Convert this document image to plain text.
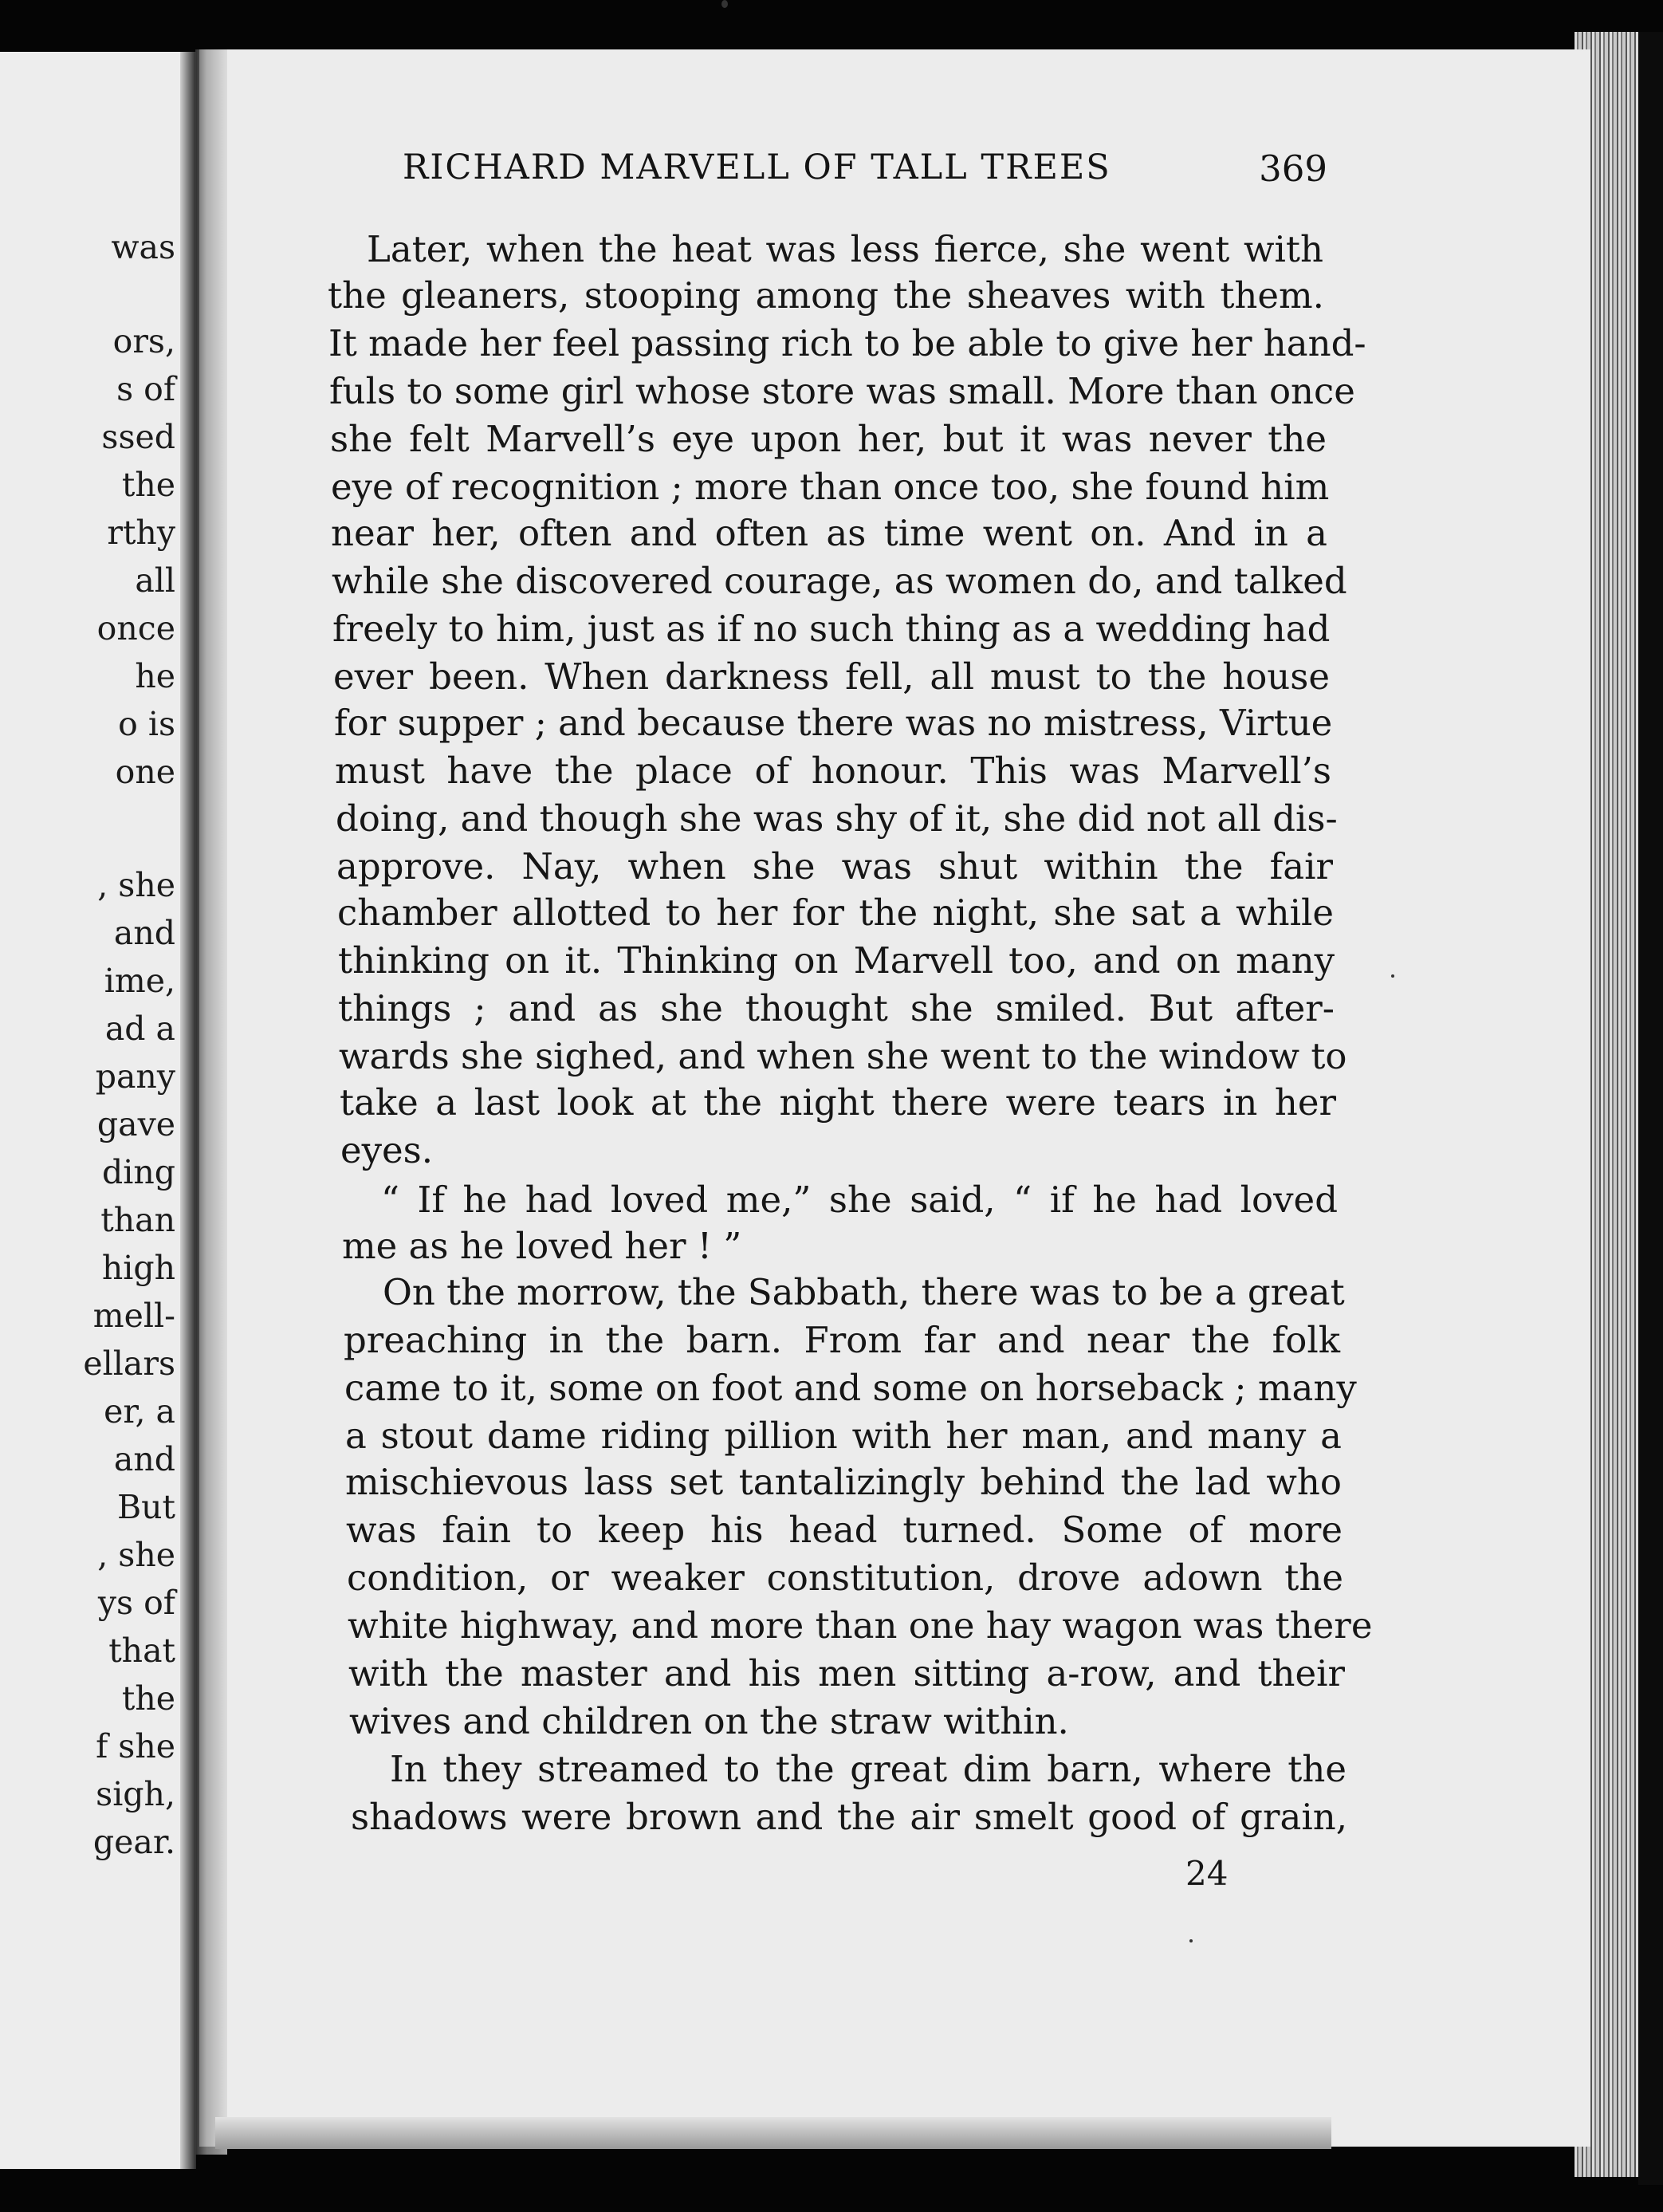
was
ors,
s of
ssed
the
rthy
all
once
he
o is
one
, she
and
ime,
ad a
pany
gave
ding
than
high
mell-
ellars
er, a
and
But
, she
ys of
that
the
f she
sigh,
gear.
RICHARD MARVELL OF TALL TREES	369
Later, when the heat was less fierce, she went with
the gleaners, stooping among the sheaves with them.
It made her feel passing rich to be able to give her hand-
fuls to some girl whose store was small. More than once
she felt Marvell’s eye upon her, but it was never the
eye of recognition ; more than once too, she found him
near her, often and often as time went on. And in a
while she discovered courage, as women do, and talked
freely to him, just as if no such thing as a wedding had
ever been. When darkness fell, all must to the house
for supper ; and because there was no mistress, Virtue
must have the place of honour. This was Marvell’s
doing, and though she was shy of it, she did not all dis-
approve. Nay, when she was shut within the fair
chamber allotted to her for the night, she sat a while
thinking on it. Thinking on Marvell too, and on many
things ; and as she thought she smiled. But after-
wards she sighed, and when she went to the window to
take a last look at the night there were tears in her
eyes.
“ If he had loved me,” she said, “ if he had loved
me as he loved her ! ”
On the morrow, the Sabbath, there was to be a great
preaching in the barn. From far and near the folk
came to it, some on foot and some on horseback ; many
a stout dame riding pillion with her man, and many a
mischievous lass set tantalizingly behind the lad who
was fain to keep his head turned. Some of more
condition, or weaker constitution, drove adown the
white highway, and more than one hay wagon was there
with the master and his men sitting a-row, and their
wives and children on the straw within.
In they streamed to the great dim barn, where the
shadows were brown and the air smelt good of grain,
24
